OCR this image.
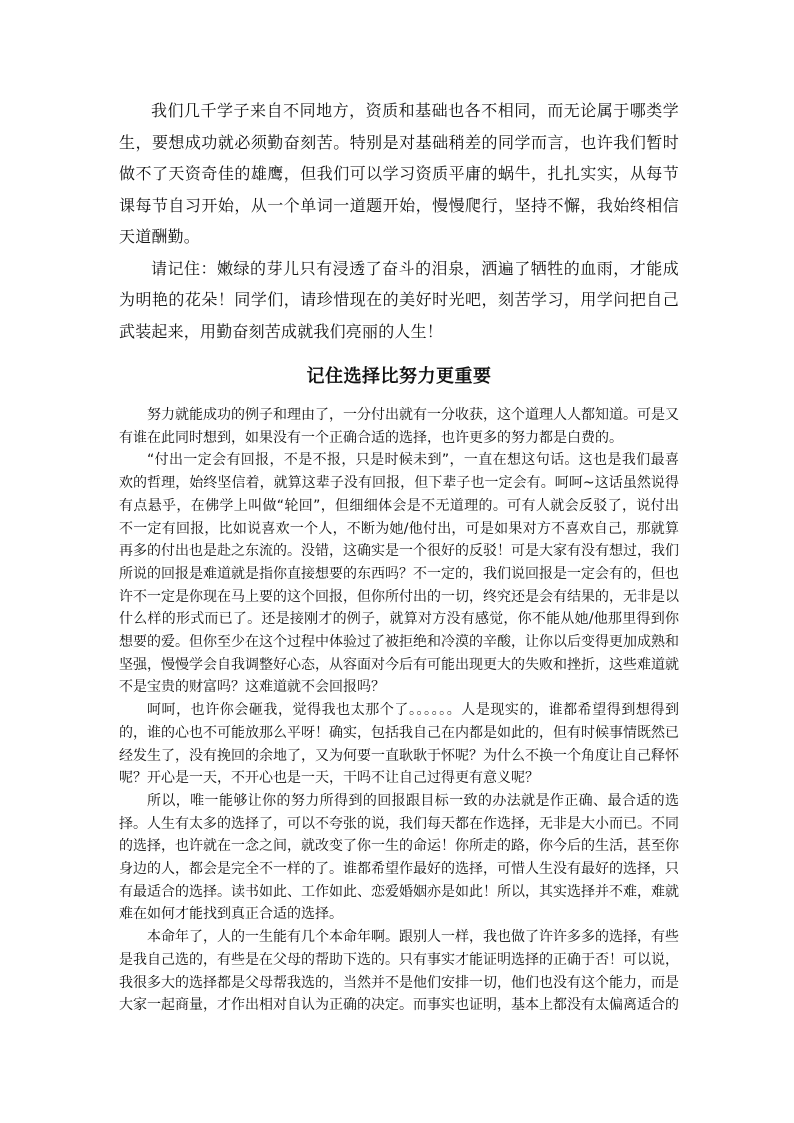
我们几千学子来自不同地方，资质和基础也各不相同，而无论属于哪类学生，要想成功就必须勤奋刻苦。特别是对基础稍差的同学而言，也许我们暂时做不了天资奇佳的雄鹰，但我们可以学习资质平庸的蜗牛，扎扎实实，从每节课每节自习开始，从一个单词一道题开始，慢慢爬行，坚持不懈，我始终相信天道酬勤。

请记住：嫩绿的芽儿只有浸透了奋斗的泪泉，洒遍了牺牲的血雨，才能成为明艳的花朵！同学们，请珍惜现在的美好时光吧，刻苦学习，用学问把自己武装起来，用勤奋刻苦成就我们亮丽的人生！

记住选择比努力更重要

努力就能成功的例子和理由了，一分付出就有一分收获，这个道理人人都知道。可是又有谁在此同时想到，如果没有一个正确合适的选择，也许更多的努力都是白费的。

“付出一定会有回报，不是不报，只是时候未到”，一直在想这句话。这也是我们最喜欢的哲理，始终坚信着，就算这辈子没有回报，但下辈子也一定会有。呵呵~这话虽然说得有点悬乎，在佛学上叫做“轮回”，但细细体会是不无道理的。可有人就会反驳了，说付出不一定有回报，比如说喜欢一个人，不断为她/他付出，可是如果对方不喜欢自己，那就算再多的付出也是赴之东流的。没错，这确实是一个很好的反驳！可是大家有没有想过，我们所说的回报是难道就是指你直接想要的东西吗？不一定的，我们说回报是一定会有的，但也许不一定是你现在马上要的这个回报，但你所付出的一切，终究还是会有结果的，无非是以什么样的形式而已了。还是接刚才的例子，就算对方没有感觉，你不能从她/他那里得到你想要的爱。但你至少在这个过程中体验过了被拒绝和冷漠的辛酸，让你以后变得更加成熟和坚强，慢慢学会自我调整好心态，从容面对今后有可能出现更大的失败和挫折，这些难道就不是宝贵的财富吗？这难道就不会回报吗？

呵呵，也许你会砸我，觉得我也太那个了。。。。。。人是现实的，谁都希望得到想得到的，谁的心也不可能放那么平呀！确实，包括我自己在内都是如此的，但有时候事情既然已经发生了，没有挽回的余地了，又为何要一直耿耿于怀呢？为什么不换一个角度让自己释怀呢？开心是一天，不开心也是一天，干吗不让自己过得更有意义呢？

所以，唯一能够让你的努力所得到的回报跟目标一致的办法就是作正确、最合适的选择。人生有太多的选择了，可以不夸张的说，我们每天都在作选择，无非是大小而已。不同的选择，也许就在一念之间，就改变了你一生的命运！你所走的路，你今后的生活，甚至你身边的人，都会是完全不一样的了。谁都希望作最好的选择，可惜人生没有最好的选择，只有最适合的选择。读书如此、工作如此、恋爱婚姻亦是如此！所以，其实选择并不难，难就难在如何才能找到真正合适的选择。

本命年了，人的一生能有几个本命年啊。跟别人一样，我也做了许许多多的选择，有些是我自己选的，有些是在父母的帮助下选的。只有事实才能证明选择的正确于否！可以说，我很多大的选择都是父母帮我选的，当然并不是他们安排一切，他们也没有这个能力，而是大家一起商量，才作出相对自认为正确的决定。而事实也证明，基本上都没有太偏离适合的
